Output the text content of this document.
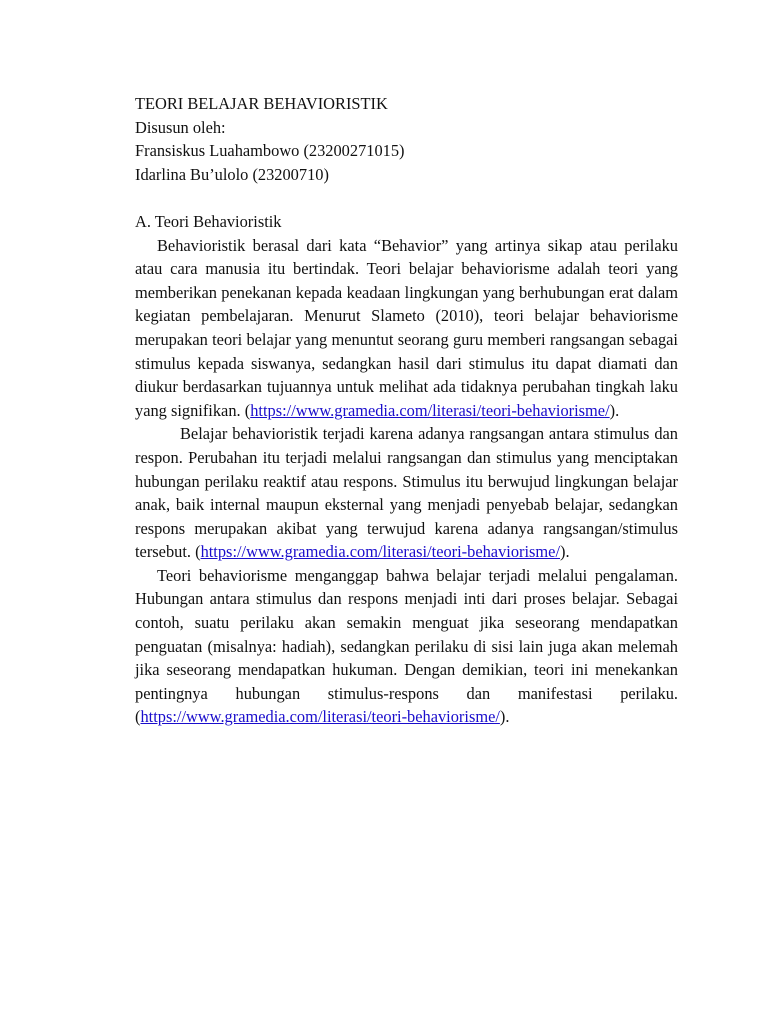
TEORI BELAJAR BEHAVIORISTIK
Disusun oleh:
Fransiskus Luahambowo (23200271015)
Idarlina Bu’ulolo (23200710)
A. Teori Behavioristik

Behavioristik berasal dari kata “Behavior” yang artinya sikap atau perilaku atau cara manusia itu bertindak. Teori belajar behaviorisme adalah teori yang memberikan penekanan kepada keadaan lingkungan yang berhubungan erat dalam kegiatan pembelajaran. Menurut Slameto (2010), teori belajar behaviorisme merupakan teori belajar yang menuntut seorang guru memberi rangsangan sebagai stimulus kepada siswanya, sedangkan hasil dari stimulus itu dapat diamati dan diukur berdasarkan tujuannya untuk melihat ada tidaknya perubahan tingkah laku yang signifikan. (https://www.gramedia.com/literasi/teori-behaviorisme/).

Belajar behavioristik terjadi karena adanya rangsangan antara stimulus dan respon. Perubahan itu terjadi melalui rangsangan dan stimulus yang menciptakan hubungan perilaku reaktif atau respons. Stimulus itu berwujud lingkungan belajar anak, baik internal maupun eksternal yang menjadi penyebab belajar, sedangkan respons merupakan akibat yang terwujud karena adanya rangsangan/stimulus tersebut. (https://www.gramedia.com/literasi/teori-behaviorisme/).

Teori behaviorisme menganggap bahwa belajar terjadi melalui pengalaman. Hubungan antara stimulus dan respons menjadi inti dari proses belajar. Sebagai contoh, suatu perilaku akan semakin menguat jika seseorang mendapatkan penguatan (misalnya: hadiah), sedangkan perilaku di sisi lain juga akan melemah jika seseorang mendapatkan hukuman. Dengan demikian, teori ini menekankan pentingnya hubungan stimulus-respons dan manifestasi perilaku. (https://www.gramedia.com/literasi/teori-behaviorisme/).
